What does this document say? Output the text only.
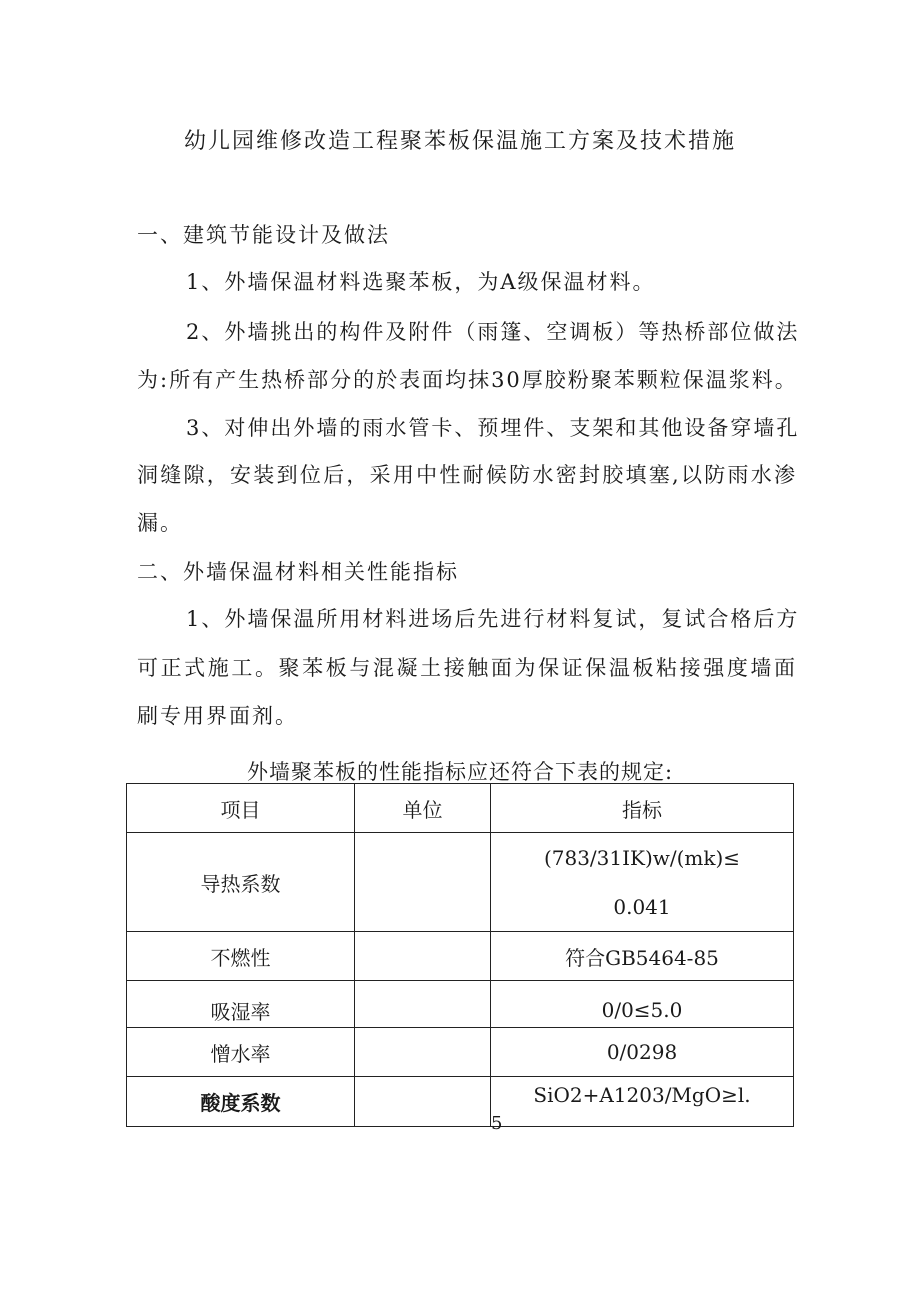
幼儿园维修改造工程聚苯板保温施工方案及技术措施
一、建筑节能设计及做法
1、外墙保温材料选聚苯板，为A级保温材料。
2、外墙挑出的构件及附件（雨篷、空调板）等热桥部位做法
为:所有产生热桥部分的於表面均抹30厚胶粉聚苯颗粒保温浆料。
3、对伸出外墙的雨水管卡、预埋件、支架和其他设备穿墙孔
洞缝隙，安装到位后，采用中性耐候防水密封胶填塞,以防雨水渗
漏。
二、外墙保温材料相关性能指标
1、外墙保温所用材料进场后先进行材料复试，复试合格后方
可正式施工。聚苯板与混凝土接触面为保证保温板粘接强度墙面
刷专用界面剂。
外墙聚苯板的性能指标应还符合下表的规定:
项目	单位	指标
导热系数		(783/31IK)w/(mk)≤
0.041

不燃性		符合GB5464-85
吸湿率		0/0≤5.0
憎水率		0/0298
酸度系数		SiO2+A1203/MgO≥l.
5
